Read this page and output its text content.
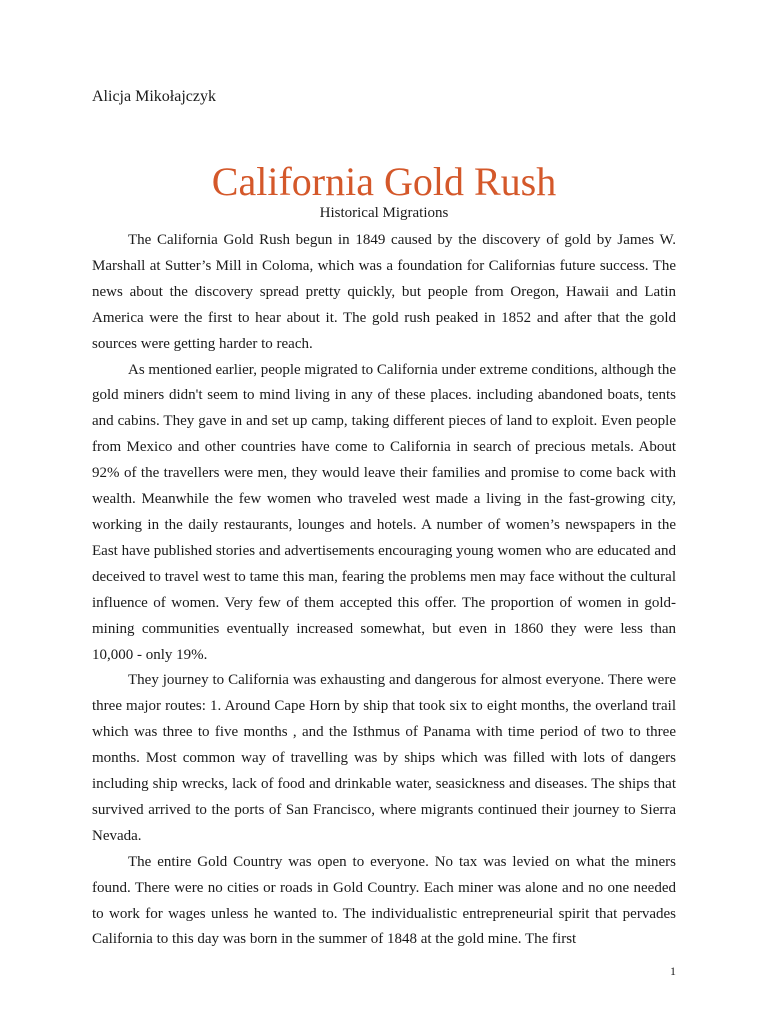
Alicja Mikołajczyk

California Gold Rush

Historical Migrations

The California Gold Rush begun in 1849 caused by the discovery of gold by James W. Marshall at Sutter’s Mill in Coloma, which was a foundation for Californias future success. The news about the discovery spread pretty quickly, but people from Oregon, Hawaii and Latin America were the first to hear about it. The gold rush peaked in 1852 and after that the gold sources were getting harder to reach.

As mentioned earlier, people migrated to California under extreme conditions, although the gold miners didn't seem to mind living in any of these places. including abandoned boats, tents and cabins. They gave in and set up camp, taking different pieces of land to exploit. Even people from Mexico and other countries have come to California in search of precious metals. About 92% of the travellers were men, they would leave their families and promise to come back with wealth. Meanwhile the few women who traveled west made a living in the fast-growing city, working in the daily restaurants, lounges and hotels. A number of women’s newspapers in the East have published stories and advertisements encouraging young women who are educated and deceived to travel west to tame this man, fearing the problems men may face without the cultural influence of women. Very few of them accepted this offer. The proportion of women in gold-mining communities eventually increased somewhat, but even in 1860 they were less than 10,000 - only 19%.

They journey to California was exhausting and dangerous for almost everyone. There were three major routes: 1. Around Cape Horn by ship that took six to eight months, the overland trail which was three to five months , and the Isthmus of Panama with time period of two to three months. Most common way of travelling was by ships which was filled with lots of dangers including ship wrecks, lack of food and drinkable water, seasickness and diseases. The ships that survived arrived to the ports of San Francisco, where migrants continued their journey to Sierra Nevada.

The entire Gold Country was open to everyone. No tax was levied on what the miners found. There were no cities or roads in Gold Country. Each miner was alone and no one needed to work for wages unless he wanted to. The individualistic entrepreneurial spirit that pervades California to this day was born in the summer of 1848 at the gold mine. The first

1
